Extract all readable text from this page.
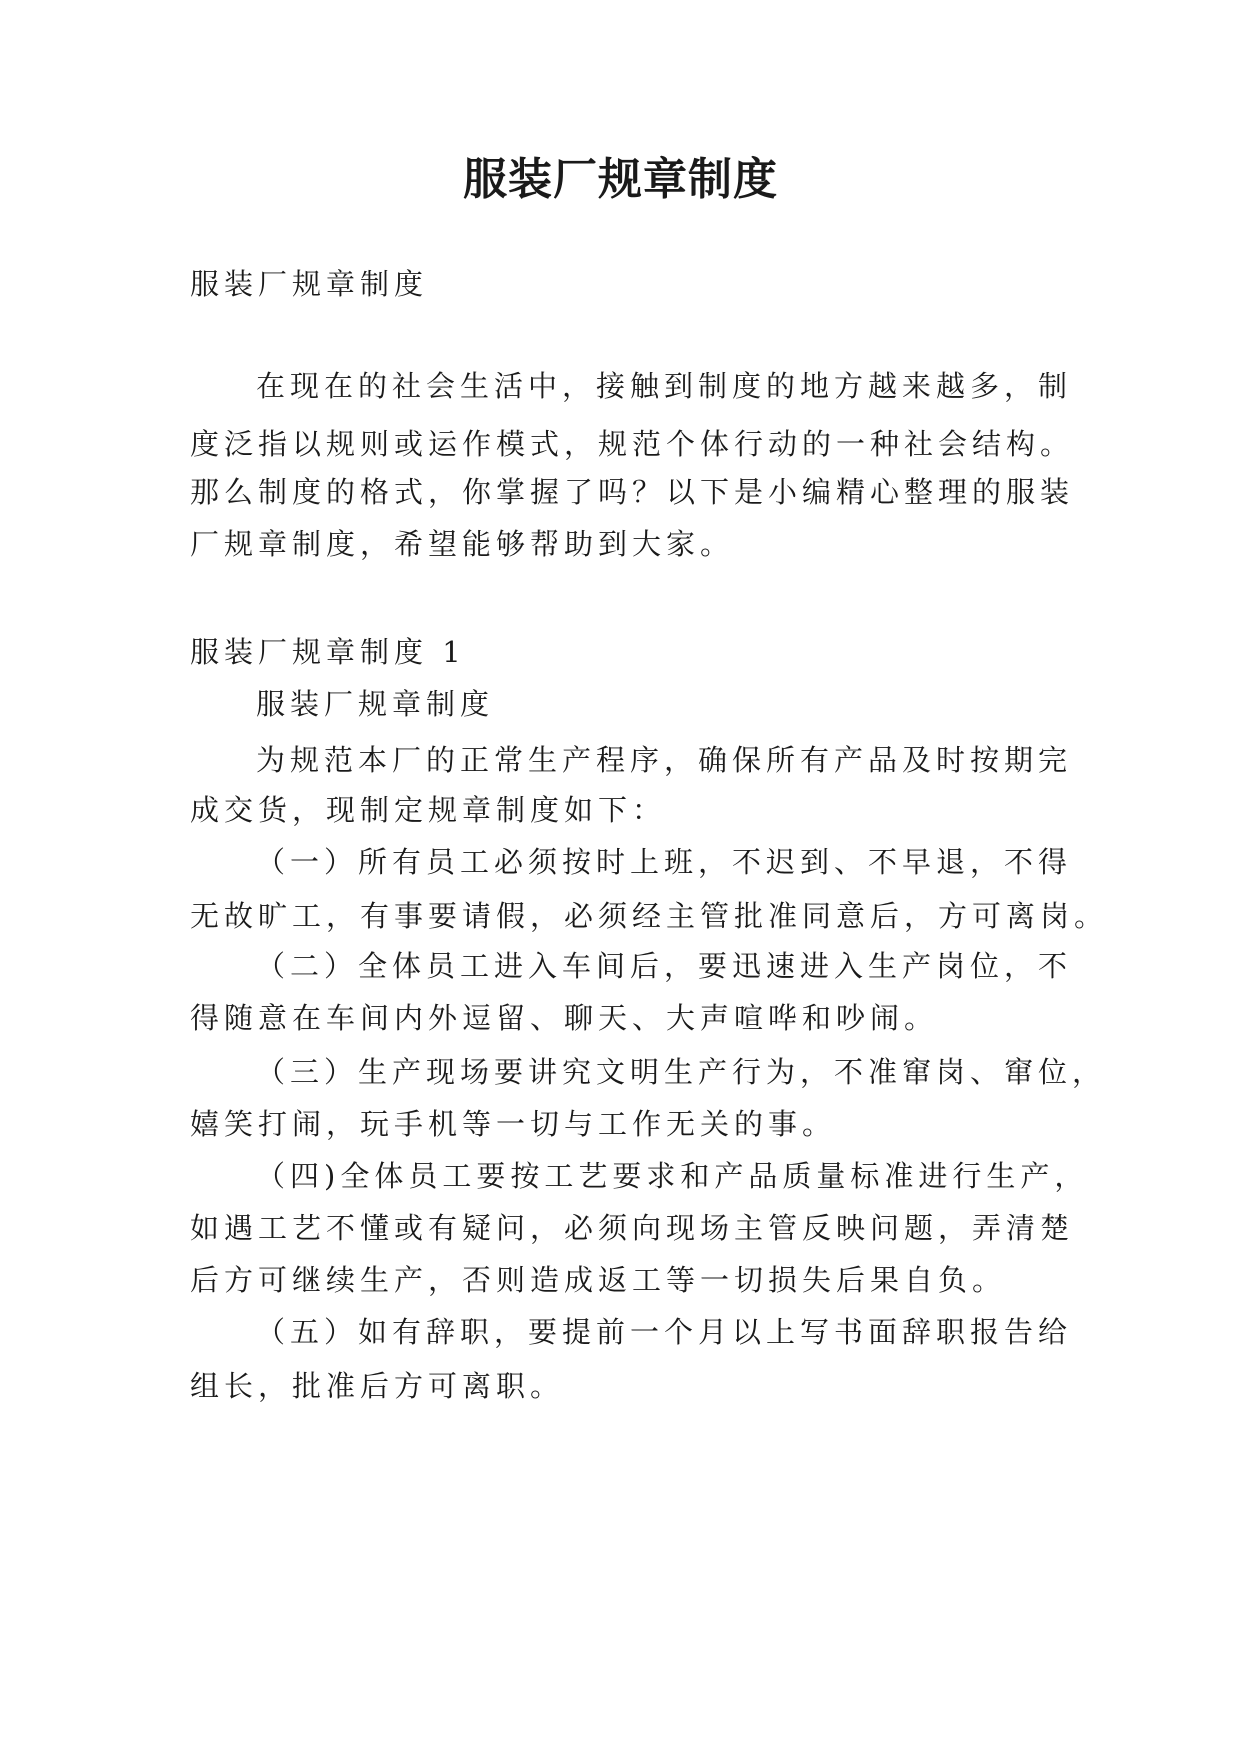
服装厂规章制度

服装厂规章制度

在现在的社会生活中，接触到制度的地方越来越多，制

度泛指以规则或运作模式，规范个体行动的一种社会结构。

那么制度的格式，你掌握了吗？以下是小编精心整理的服装

厂规章制度，希望能够帮助到大家。

服装厂规章制度 1

服装厂规章制度

为规范本厂的正常生产程序，确保所有产品及时按期完

成交货，现制定规章制度如下：

（一）所有员工必须按时上班，不迟到、不早退，不得

无故旷工，有事要请假，必须经主管批准同意后，方可离岗。

（二）全体员工进入车间后，要迅速进入生产岗位，不

得随意在车间内外逗留、聊天、大声喧哗和吵闹。

（三）生产现场要讲究文明生产行为，不准窜岗、窜位，

嬉笑打闹，玩手机等一切与工作无关的事。

（四)全体员工要按工艺要求和产品质量标准进行生产，

如遇工艺不懂或有疑问，必须向现场主管反映问题，弄清楚

后方可继续生产，否则造成返工等一切损失后果自负。

（五）如有辞职，要提前一个月以上写书面辞职报告给

组长，批准后方可离职。
